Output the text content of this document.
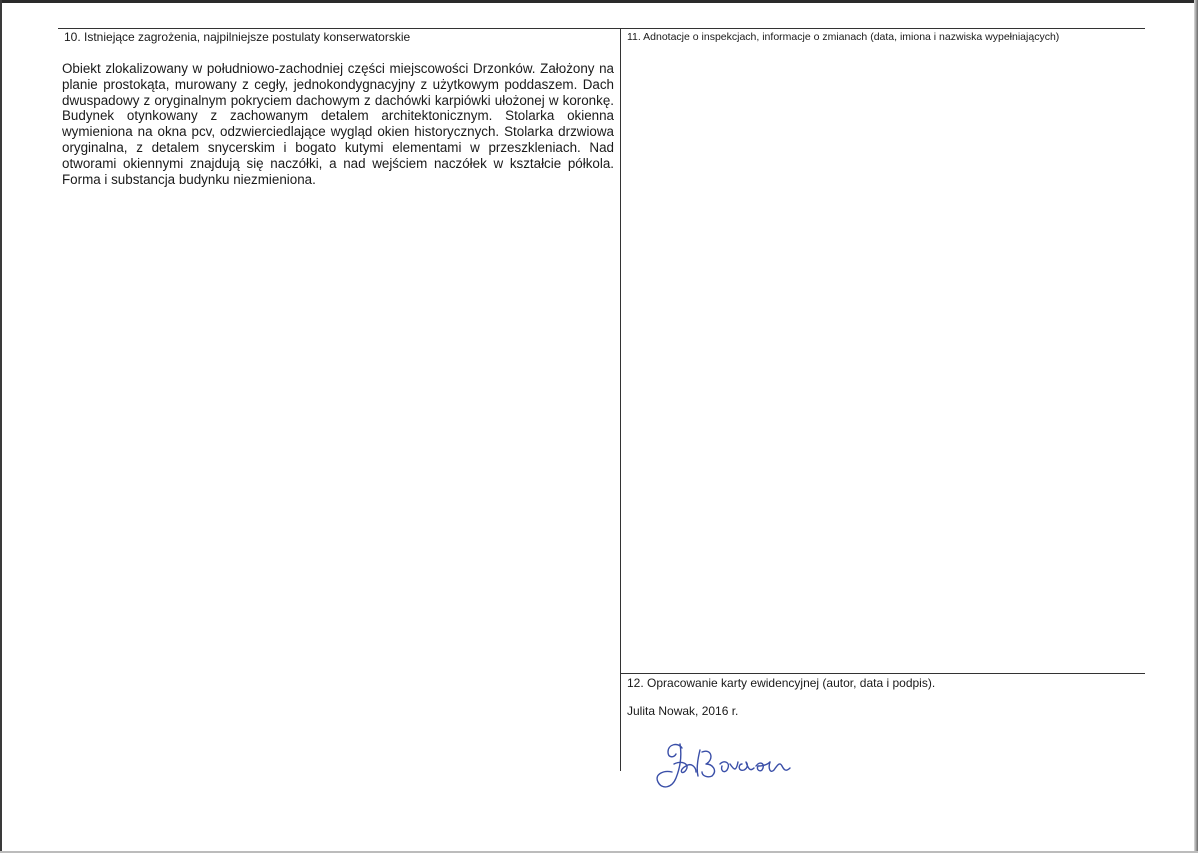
10. Istniejące zagrożenia, najpilniejsze postulaty konserwatorskie

Obiekt zlokalizowany w południowo-zachodniej części miejscowości Drzonków. Założony na planie prostokąta, murowany z cegły, jednokondygnacyjny z użytkowym poddaszem. Dach dwuspadowy z oryginalnym pokryciem dachowym z dachówki karpiówki ułożonej w koronkę. Budynek otynkowany z zachowanym detalem architektonicznym. Stolarka okienna wymieniona na okna pcv, odzwierciedlające wygląd okien historycznych. Stolarka drzwiowa oryginalna, z detalem snycerskim i bogato kutymi elementami w przeszkleniach. Nad otworami okiennymi znajdują się naczółki, a nad wejściem naczółek w kształcie półkola. Forma i substancja budynku niezmieniona.

11. Adnotacje o inspekcjach, informacje o zmianach (data, imiona i nazwiska wypełniających)
12. Opracowanie karty ewidencyjnej (autor, data i podpis).
Julita Nowak, 2016 r.
